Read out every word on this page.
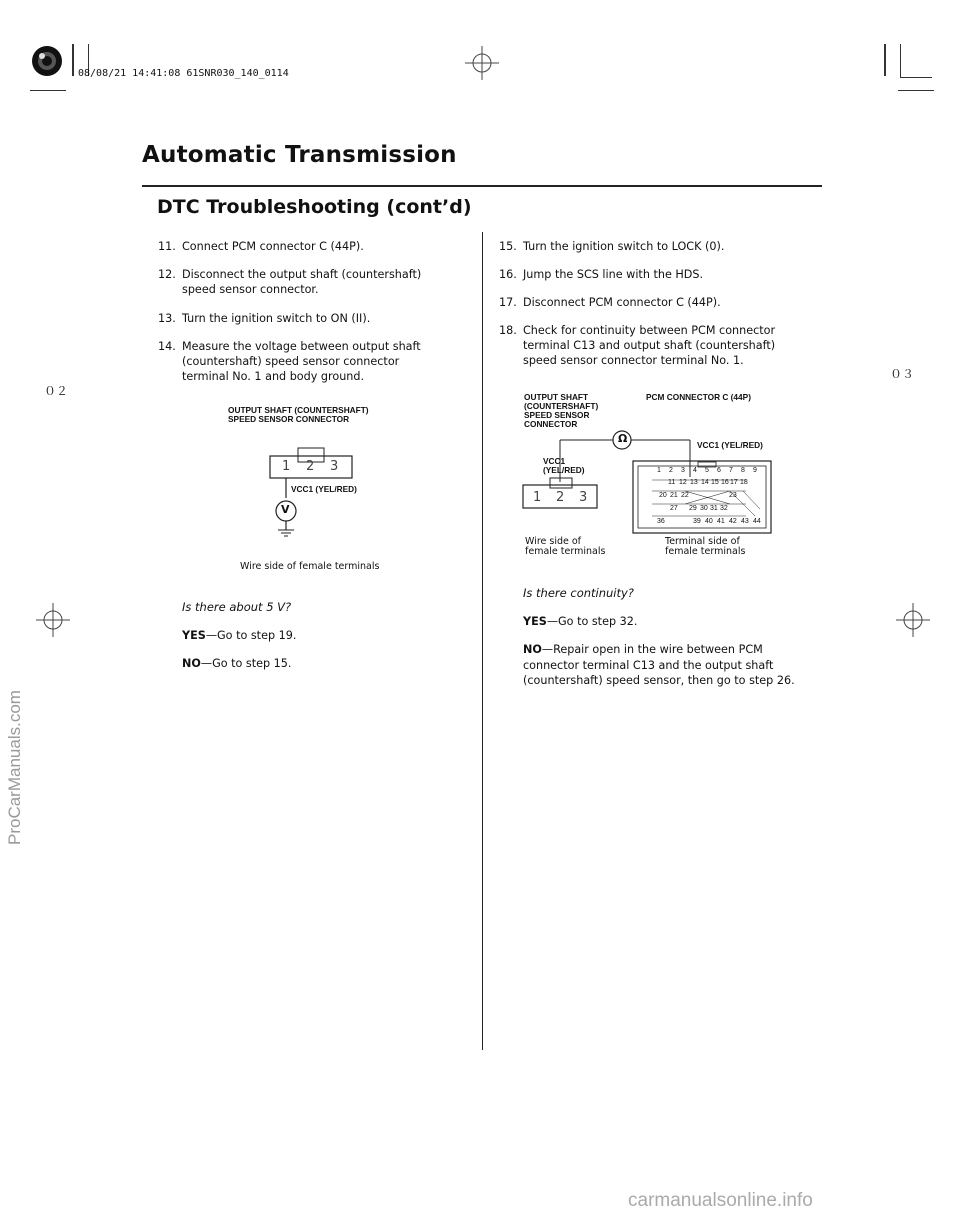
08/08/21 14:41:08 61SNR030_140_0114
０２
０３
Automatic Transmission
DTC Troubleshooting (cont’d)
11. Connect PCM connector C (44P).
12. Disconnect the output shaft (countershaft) speed sensor connector.
13. Turn the ignition switch to ON (II).
14. Measure the voltage between output shaft (countershaft) speed sensor connector terminal No. 1 and body ground.
OUTPUT SHAFT (COUNTERSHAFT)
SPEED SENSOR CONNECTOR
1 2 3
V
VCC1 (YEL/RED)
Wire side of female terminals
Is there about 5 V?
YES—Go to step 19.
NO—Go to step 15.
15. Turn the ignition switch to LOCK (0).
16. Jump the SCS line with the HDS.
17. Disconnect PCM connector C (44P).
18. Check for continuity between PCM connector terminal C13 and output shaft (countershaft) speed sensor connector terminal No. 1.
OUTPUT SHAFT
(COUNTERSHAFT)
SPEED SENSOR
CONNECTOR
PCM CONNECTOR C (44P)
VCC1 (YEL/RED)
VCC1
(YEL/RED)
Ω
1 2 3
1 2 3 4 5 6 7 8 9
11 12 13 14 15 16 17 18
20 21 22	23
27 29 30 31 32
36	39 40 41 42 43 44
Wire side of
female terminals
Terminal side of
female terminals
Is there continuity?
YES—Go to step 32.
NO—Repair open in the wire between PCM connector terminal C13 and the output shaft (countershaft) speed sensor, then go to step 26.
ProCarManuals.com
carmanualsonline.info
